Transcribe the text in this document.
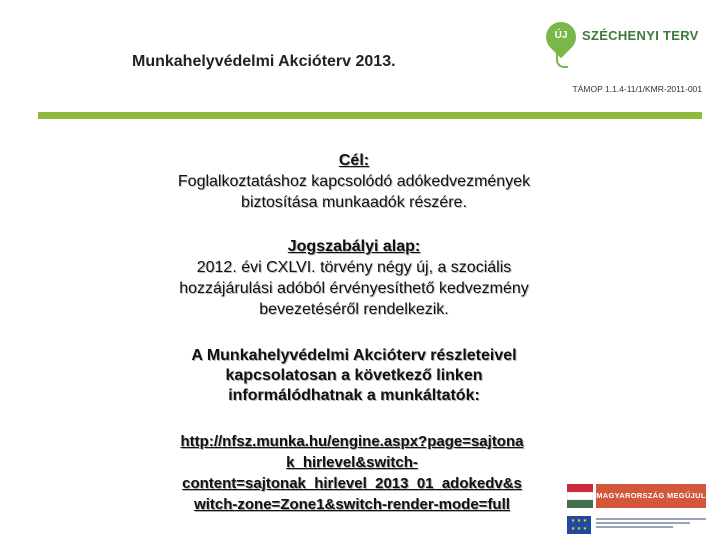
Munkahelyvédelmi Akcióterv 2013.
ÚJ	SZÉCHENYI TERV
TÁMOP 1.1.4-11/1/KMR-2011-001
Cél:
Foglalkoztatáshoz kapcsolódó adókedvezmények
biztosítása munkaadók részére.
Jogszabályi alap:
2012. évi CXLVI. törvény négy új, a szociális
hozzájárulási adóból érvényesíthető kedvezmény
bevezetéséről rendelkezik.
A Munkahelyvédelmi Akcióterv részleteivel
kapcsolatosan a következő linken
informálódhatnak a munkáltatók:
http://nfsz.munka.hu/engine.aspx?page=sajtona
k_hirlevel&switch-
content=sajtonak_hirlevel_2013_01_adokedv&s
witch-zone=Zone1&switch-render-mode=full
MAGYARORSZÁG MEGÚJUL
★ ★ ★
★ ★ ★
